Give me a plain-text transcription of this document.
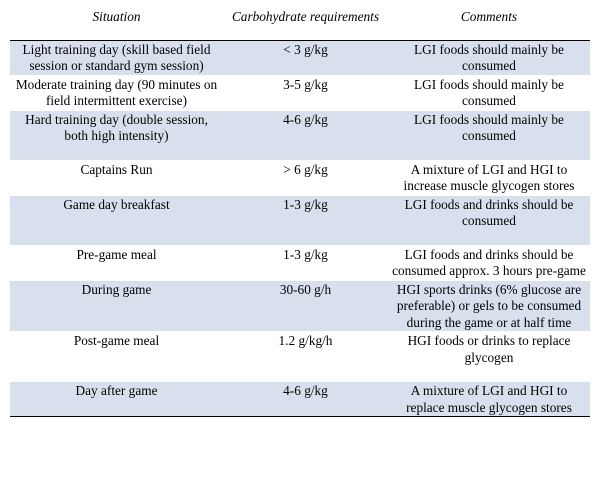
Situation	Carbohydrate requirements	Comments
Light training day (skill based field session or standard gym session)	< 3 g/kg	LGI foods should mainly be consumed
Moderate training day (90 minutes on field intermittent exercise)	3-5 g/kg	LGI foods should mainly be consumed
Hard training day (double session, both high intensity)	4-6 g/kg	LGI foods should mainly be consumed
Captains Run	> 6 g/kg	A mixture of LGI and HGI to increase muscle glycogen stores
Game day breakfast	1-3 g/kg	LGI foods and drinks should be consumed
Pre-game meal	1-3 g/kg	LGI foods and drinks should be consumed approx. 3 hours pre-game
During game	30-60 g/h	HGI sports drinks (6% glucose are preferable) or gels to be consumed during the game or at half time
Post-game meal	1.2 g/kg/h	HGI foods or drinks to replace glycogen
Day after game	4-6 g/kg	A mixture of LGI and HGI to replace muscle glycogen stores
